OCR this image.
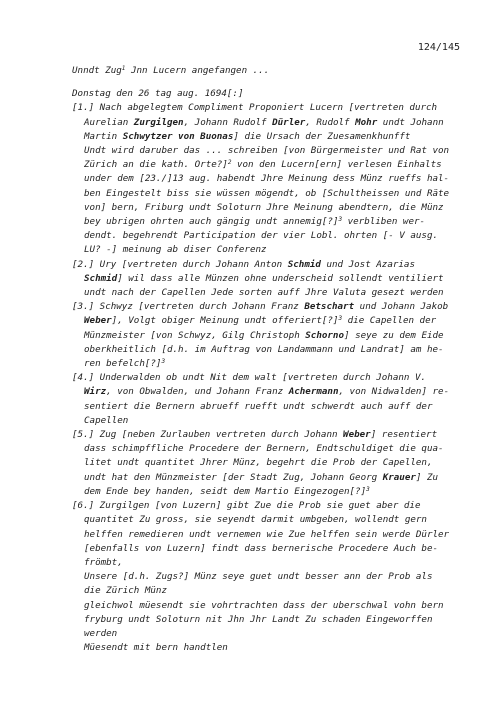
124/145
Unndt Zug$^1$ Jnn Lucern angefangen ...
Donstag den 26 tag aug. 1694[:]
[1.] Nach abgelegtem Compliment Proponiert Lucern [vertreten durch
Aurelian Zurgilgen, Johann Rudolf Dürler, Rudolf Mohr undt Johann
Martin Schwytzer von Buonas] die Ursach der Zuesamenkhunfft
Undt wird daruber das ... schreiben [von Bürgermeister und Rat von
Zürich an die kath. Orte?]$^2$ von den Lucern[ern] verlesen Einhalts
under dem [23./]13 aug. habendt Jhre Meinung dess Münz rueffs hal-
ben Eingestelt biss sie wüssen mögendt, ob [Schultheissen und Räte
von] bern, Friburg undt Soloturn Jhre Meinung abendtern, die Münz
bey ubrigen ohrten auch gängig undt annemig[?]$^3$ verbliben wer-
dendt. begehrendt Participation der vier Lobl. ohrten [- V ausg.
LU? -] meinung ab diser Conferenz
[2.] Ury [vertreten durch Johann Anton Schmid und Jost Azarias
Schmid] wil dass alle Münzen ohne underscheid sollendt ventiliert
undt nach der Capellen Jede sorten auff Jhre Valuta gesezt werden
[3.] Schwyz [vertreten durch Johann Franz Betschart und Johann Jakob
Weber], Volgt obiger Meinung undt offeriert[?]$^3$ die Capellen der
Münzmeister [von Schwyz, Gilg Christoph Schorno] seye zu dem Eide
oberkheitlich [d.h. im Auftrag von Landammann und Landrat] am he-
ren befelch[?]$^3$
[4.] Underwalden ob undt Nit dem walt [vertreten durch Johann V.
Wirz, von Obwalden, und Johann Franz Achermann, von Nidwalden] re-
sentiert die Bernern abrueff ruefft undt schwerdt auch auff der
Capellen
[5.] Zug [neben Zurlauben vertreten durch Johann Weber] resentiert
dass schimpffliche Procedere der Bernern, Endtschuldiget die qua-
litet undt quantitet Jhrer Münz, begehrt die Prob der Capellen,
undt hat den Münzmeister [der Stadt Zug, Johann Georg Krauer] Zu
dem Ende bey handen, seidt dem Martio Eingezogen[?]$^3$
[6.] Zurgilgen [von Luzern] gibt Zue die Prob sie guet aber die
quantitet Zu gross, sie seyendt darmit umbgeben, wollendt gern
helffen remedieren undt vernemen wie Zue helffen sein werde Dürler
[ebenfalls von Luzern] findt dass bernerische Procedere Auch be-
frömbt,
Unsere [d.h. Zugs?] Münz seye guet undt besser ann der Prob als
die Zürich Münz
gleichwol müesendt sie vohrtrachten dass der uberschwal vohn bern
fryburg undt Soloturn nit Jhn Jhr Landt Zu schaden Eingeworffen
werden
Müesendt mit bern handtlen
